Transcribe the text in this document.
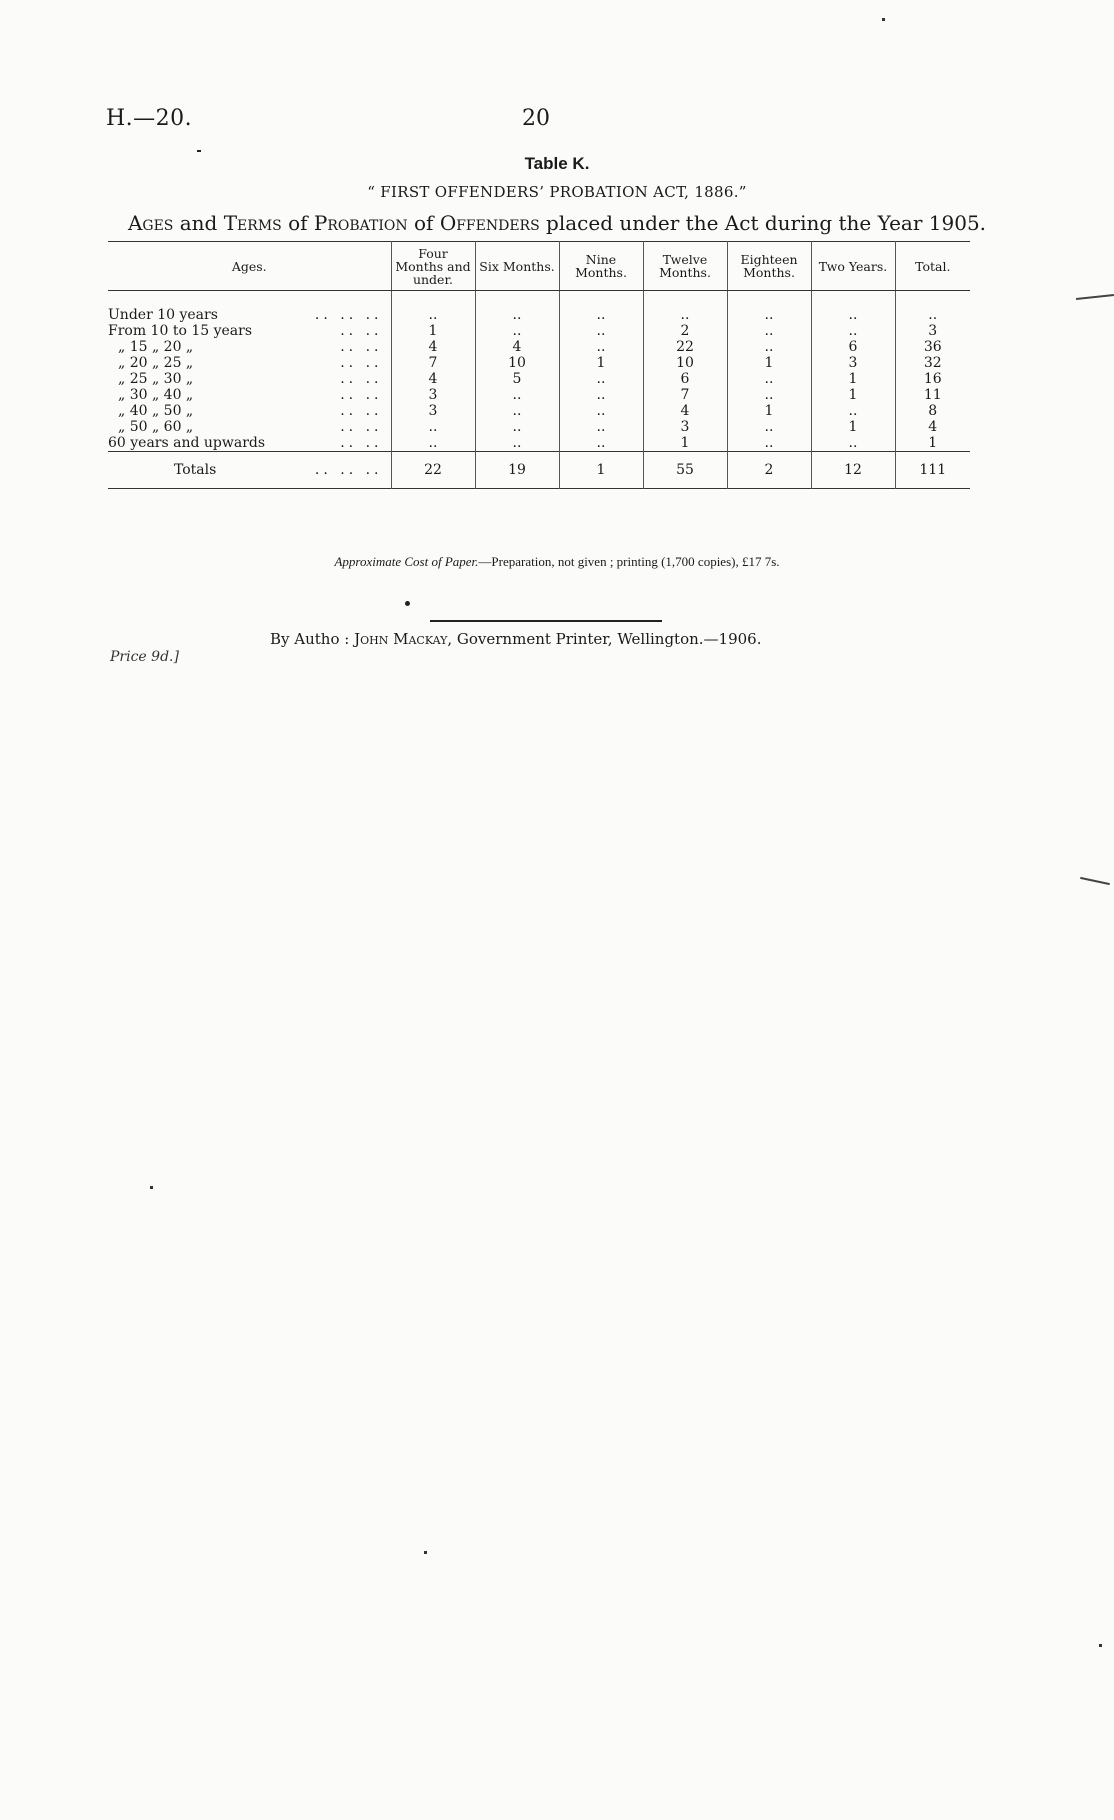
H.—20.	20
Table K.
“ FIRST OFFENDERS’ PROBATION ACT, 1886.”
Ages and Terms of Probation of Offenders placed under the Act during the Year 1905.
Ages.	Four Months and under.	Six Months.	Nine Months.	Twelve Months.	Eighteen Months.	Two Years.	Total.

Under 10 years .. .. ..	..	..	..	..	..	..	..
From 10 to 15 years .. ..	1	..	..	2	..	..	3
„ 15 „ 20 „ .. ..	4	4	..	22	..	6	36
„ 20 „ 25 „ .. ..	7	10	1	10	1	3	32
„ 25 „ 30 „ .. ..	4	5	..	6	..	1	16
„ 30 „ 40 „ .. ..	3	..	..	7	..	1	11
„ 40 „ 50 „ .. ..	3	..	..	4	1	..	8
„ 50 „ 60 „ .. ..	..	..	..	3	..	1	4
60 years and upwards .. ..	..	..	..	1	..	..	1
Totals .. .. ..	22	19	1	55	2	12	111
Approximate Cost of Paper.—Preparation, not given ; printing (1,700 copies), £17 7s.
By Autho : John Mackay, Government Printer, Wellington.—1906.
Price 9d.]
